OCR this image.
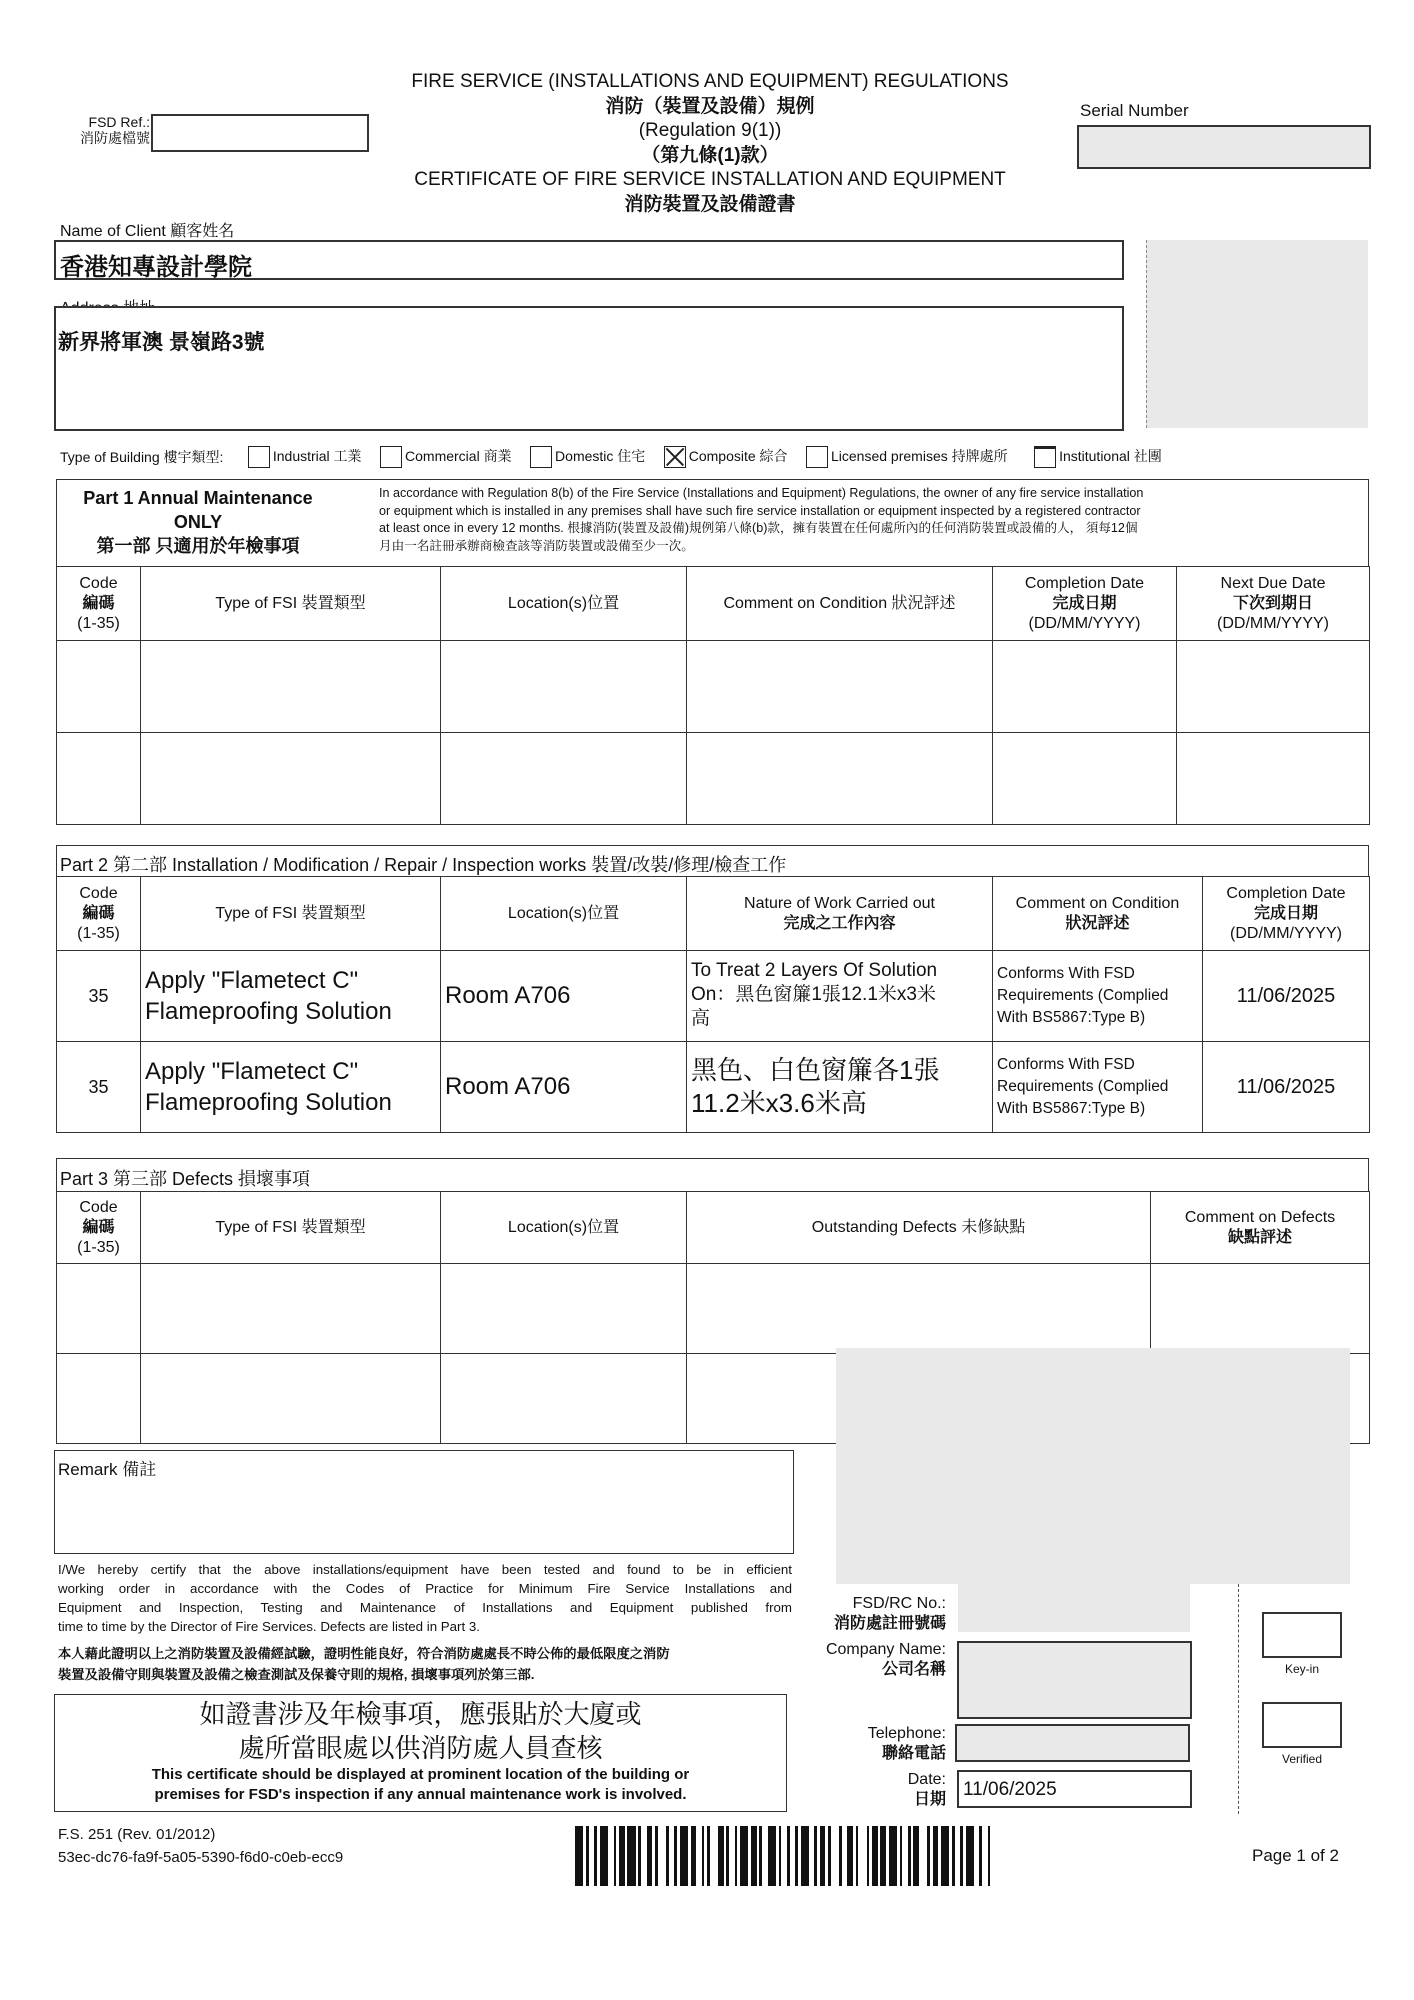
FSD Ref.:
消防處檔號
FIRE SERVICE (INSTALLATIONS AND EQUIPMENT) REGULATIONS
消防（裝置及設備）規例
(Regulation 9(1))
（第九條(1)款）
CERTIFICATE OF FIRE SERVICE INSTALLATION AND EQUIPMENT
消防裝置及設備證書
Serial Number
Name of Client 顧客姓名
香港知專設計學院
新界將軍澳 景嶺路3號
Type of Building 樓宇類型:	Industrial 工業	Commercial 商業	Domestic 住宅	Composite 綜合	Licensed premises 持牌處所	Institutional 社團
Part 1 Annual Maintenance
ONLY
第一部 只適用於年檢事項
In accordance with Regulation 8(b) of the Fire Service (Installations and Equipment) Regulations, the owner of any fire service installation
or equipment which is installed in any premises shall have such fire service installation or equipment inspected by a registered contractor
at least once in every 12 months. 根據消防(裝置及設備)規例第八條(b)款，擁有裝置在任何處所內的任何消防裝置或設備的人， 須每12個
月由一名註冊承辦商檢查該等消防裝置或設備至少一次。
Code
編碼
(1-35)
	Type of FSI 裝置類型	Location(s)位置	Comment on Condition 狀況評述	
Completion Date
完成日期
(DD/MM/YYYY)

Next Due Date
下次到期日
(DD/MM/YYYY)

Part 2 第二部 Installation / Modification / Repair / Inspection works 裝置/改裝/修理/檢查工作
Code
編碼
(1-35)
	Type of FSI 裝置類型	Location(s)位置	
Nature of Work Carried out
完成之工作內容

Comment on Condition
狀況評述

Completion Date
完成日期
(DD/MM/YYYY)

35	
Apply "Flametect C"
Flameproofing Solution
	Room A706	
To Treat 2 Layers Of Solution
On：黑色窗簾1張12.1米x3米
高

Conforms With FSD
Requirements (Complied
With BS5867:Type B)
	11/06/2025
35	
Apply "Flametect C"
Flameproofing Solution
	Room A706	
黑色、白色窗簾各1張
11.2米x3.6米高

Conforms With FSD
Requirements (Complied
With BS5867:Type B)
	11/06/2025
Part 3 第三部 Defects 損壞事項
Code
編碼
(1-35)
	Type of FSI 裝置類型	Location(s)位置	Outstanding Defects 未修缺點	
Comment on Defects
缺點評述

Remark 備註
I/We hereby certify that the above installations/equipment have been tested and found to be in efficient
working order in accordance with the Codes of Practice for Minimum Fire Service Installations and
Equipment and Inspection, Testing and Maintenance of Installations and Equipment published from
time to time by the Director of Fire Services. Defects are listed in Part 3.
本人藉此證明以上之消防裝置及設備經試驗，證明性能良好，符合消防處處長不時公佈的最低限度之消防
裝置及設備守則與裝置及設備之檢查測試及保養守則的規格, 損壞事項列於第三部.
如證書涉及年檢事項，應張貼於大廈或
處所當眼處以供消防處人員查核
This certificate should be displayed at prominent location of the building or
premises for FSD's inspection if any annual maintenance work is involved.
FSD/RC No.:
消防處註冊號碼
Company Name:
公司名稱
Telephone:
聯絡電話
Date:
日期 11/06/2025
Key-in
Verified
F.S. 251 (Rev. 01/2012)
53ec-dc76-fa9f-5a05-5390-f6d0-c0eb-ecc9	Page 1 of 2
